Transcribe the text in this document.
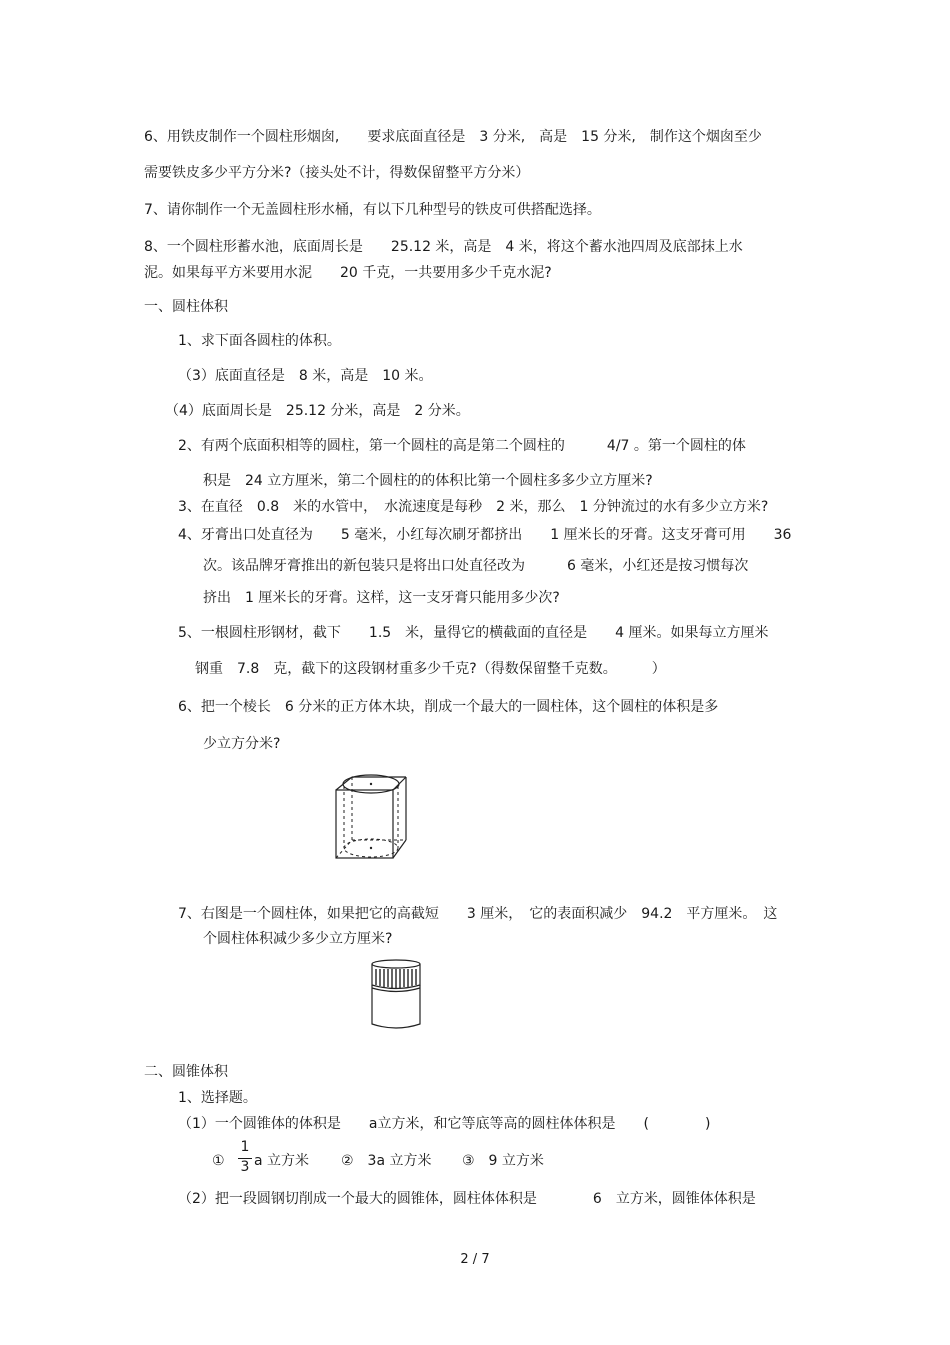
6、用铁皮制作一个圆柱形烟囱,　　要求底面直径是　3 分米,　高是　15 分米,　制作这个烟囱至少
需要铁皮多少平方分米?（接头处不计，得数保留整平方分米）
7、请你制作一个无盖圆柱形水桶，有以下几种型号的铁皮可供搭配选择。
8、一个圆柱形蓄水池，底面周长是　　25.12 米，高是　4 米，将这个蓄水池四周及底部抹上水
泥。如果每平方米要用水泥　　20 千克，一共要用多少千克水泥?
一、圆柱体积
1、求下面各圆柱的体积。
（3）底面直径是　8 米，高是　10 米。
（4）底面周长是　25.12 分米，高是　2 分米。
2、有两个底面积相等的圆柱，第一个圆柱的高是第二个圆柱的　　　4/7 。第一个圆柱的体
积是　24 立方厘米，第二个圆柱的的体积比第一个圆柱多多少立方厘米?
3、在直径　0.8　米的水管中，　水流速度是每秒　2 米，那么　1 分钟流过的水有多少立方米?
4、牙膏出口处直径为　　5 毫米，小红每次刷牙都挤出　　1 厘米长的牙膏。这支牙膏可用　　36
次。该品牌牙膏推出的新包装只是将出口处直径改为　　　6 毫米，小红还是按习惯每次
挤出　1 厘米长的牙膏。这样，这一支牙膏只能用多少次?
5、一根圆柱形钢材，截下　　1.5　米，量得它的横截面的直径是　　4 厘米。如果每立方厘米
钢重　7.8　克，截下的这段钢材重多少千克?（得数保留整千克数。　　　）
6、把一个棱长　6 分米的正方体木块，削成一个最大的一圆柱体，这个圆柱的体积是多
少立方分米?
7、右图是一个圆柱体，如果把它的高截短　　3 厘米，　它的表面积减少　94.2　平方厘米。　这
个圆柱体积减少多少立方厘米?
二、圆锥体积
1、选择题。
（1）一个圆锥体的体积是　　a立方米，和它等底等高的圆柱体体积是　　(　　　　)
①
1
3 a 立方米 ②　3a 立方米 ③　9 立方米
（2）把一段圆钢切削成一个最大的圆锥体，圆柱体体积是　　　　6　立方米，圆锥体体积是
2 / 7
